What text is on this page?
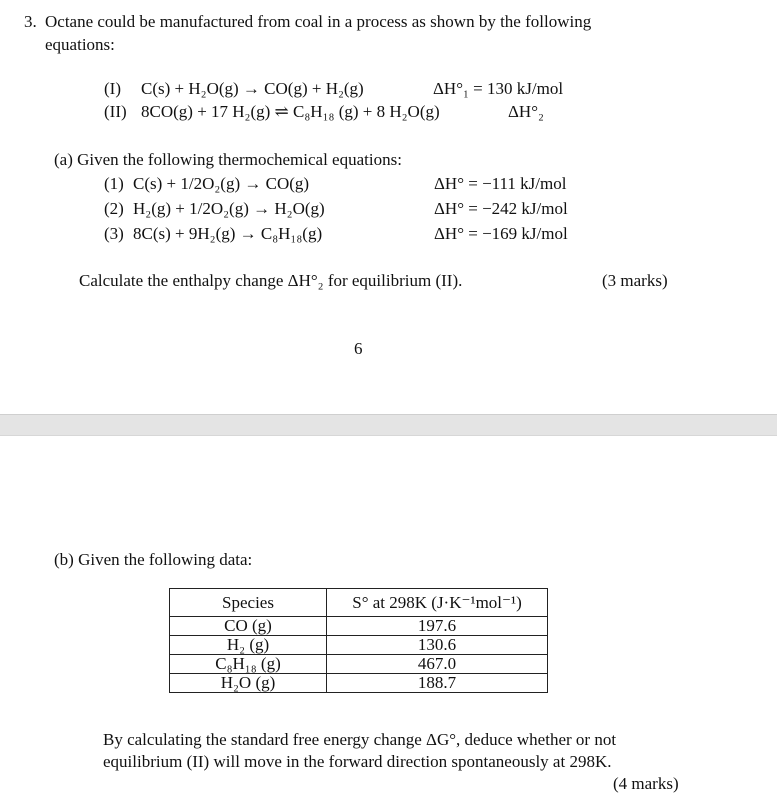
3. Octane could be manufactured from coal in a process as shown by the following
equations:
(I) C(s) + H₂O(g) → CO(g) + H₂(g)	ΔH°₁ = 130 kJ/mol
(II) 8CO(g) + 17 H₂(g) ⇌ C₈H₁₈ (g) + 8 H₂O(g)	ΔH°₂
(a) Given the following thermochemical equations:
(1) C(s) + 1/2O₂(g) → CO(g)	ΔH° = −111 kJ/mol
(2) H₂(g) + 1/2O₂(g) → H₂O(g)	ΔH° = −242 kJ/mol
(3) 8C(s) + 9H₂(g) → C₈H₁₈(g)	ΔH° = −169 kJ/mol
Calculate the enthalpy change ΔH°₂ for equilibrium (II).	(3 marks)
6
(b) Given the following data:
Species	S° at 298K (J·K⁻¹mol⁻¹)
CO (g)	197.6
H₂ (g)	130.6
C₈H₁₈ (g)	467.0
H₂O (g)	188.7
By calculating the standard free energy change ΔG°, deduce whether or not
equilibrium (II) will move in the forward direction spontaneously at 298K.
(4 marks)
